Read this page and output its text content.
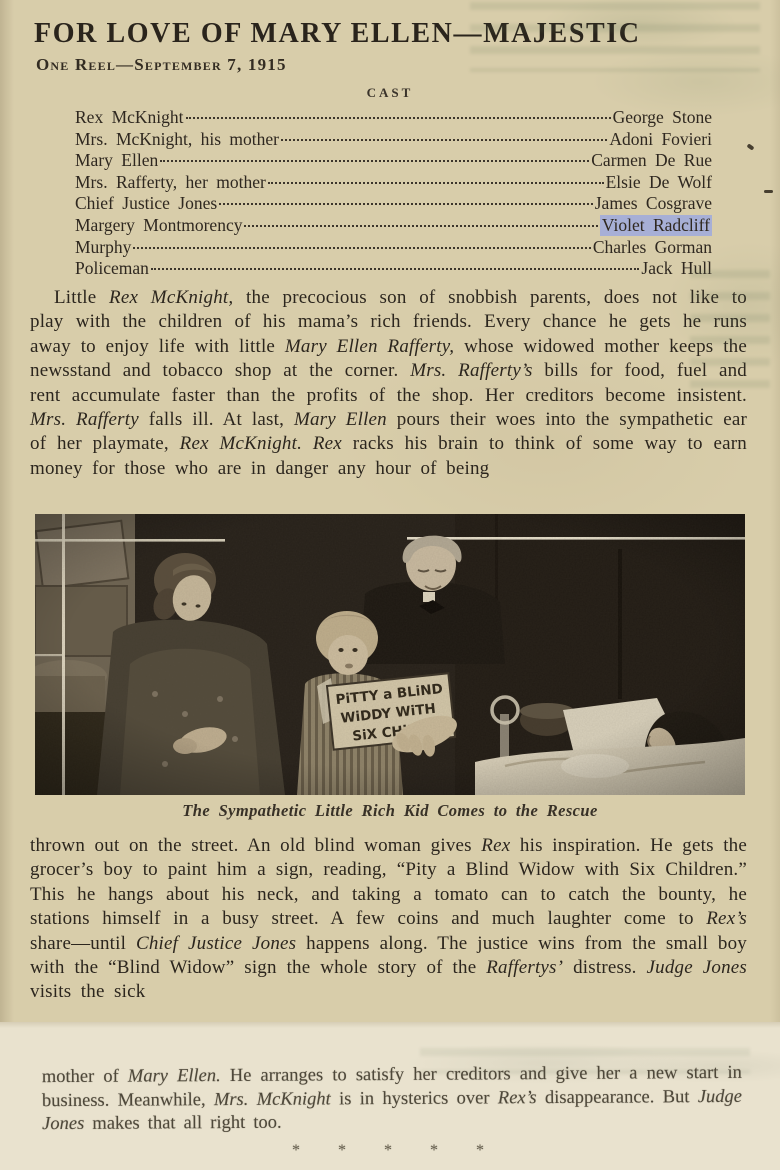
FOR LOVE OF MARY ELLEN—MAJESTIC
One Reel—September 7, 1915
CAST
Rex McKnight	George Stone
Mrs. McKnight, his mother	Adoni Fovieri
Mary Ellen	Carmen De Rue
Mrs. Rafferty, her mother	Elsie De Wolf
Chief Justice Jones	James Cosgrave
Margery Montmorency	Violet Radcliff
Murphy	Charles Gorman
Policeman	Jack Hull
Little Rex McKnight, the precocious son of snobbish parents, does not like to play with the children of his mama’s rich friends. Every chance he gets he runs away to enjoy life with little Mary Ellen Rafferty, whose widowed mother keeps the newsstand and tobacco shop at the corner. Mrs. Rafferty’s bills for food, fuel and rent accumulate faster than the profits of the shop. Her creditors become insistent. Mrs. Rafferty falls ill. At last, Mary Ellen pours their woes into the sympathetic ear of her playmate, Rex McKnight. Rex racks his brain to think of some way to earn money for those who are in danger any hour of being
The Sympathetic Little Rich Kid Comes to the Rescue
thrown out on the street. An old blind woman gives Rex his inspiration. He gets the grocer’s boy to paint him a sign, reading, “Pity a Blind Widow with Six Children.” This he hangs about his neck, and taking a tomato can to catch the bounty, he stations himself in a busy street. A few coins and much laughter come to Rex’s share—until Chief Justice Jones happens along. The justice wins from the small boy with the “Blind Widow” sign the whole story of the Raffertys’ distress. Judge Jones visits the sick
mother of Mary Ellen. He arranges to satisfy her creditors and give her a new start in business. Meanwhile, Mrs. McKnight is in hysterics over Rex’s disappearance. But Judge Jones makes that all right too.
* * * * *
